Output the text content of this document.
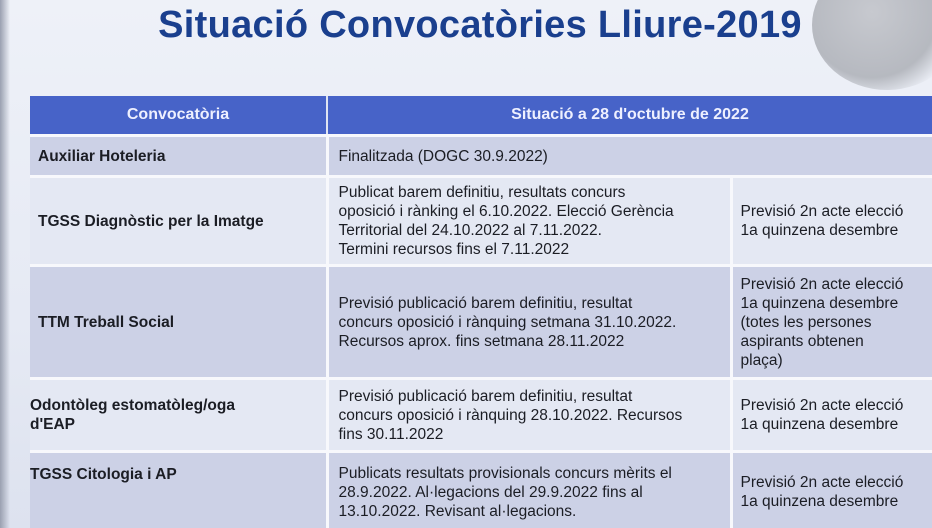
Situació Convocatòries Lliure-2019
Convocatòria	Situació a 28 d'octubre de 2022	

Auxiliar Hoteleria	Finalitzada (DOGC 30.9.2022)	

TGSS Diagnòstic per la Imatge	Publicat barem definitiu, resultats concurs
oposició i rànking el 6.10.2022. Elecció Gerència
Territorial del 24.10.2022 al 7.11.2022.
Termini recursos fins el 7.11.2022	Previsió 2n acte elecció
1a quinzena desembre

TTM Treball Social	Previsió publicació barem definitiu, resultat
concurs oposició i rànquing setmana 31.10.2022.
Recursos aprox. fins setmana 28.11.2022	Previsió 2n acte elecció
1a quinzena desembre
(totes les persones
aspirants obtenen
plaça)

Odontòleg estomatòleg/oga
d'EAP	Previsió publicació barem definitiu, resultat
concurs oposició i rànquing 28.10.2022. Recursos
fins 30.11.2022	Previsió 2n acte elecció
1a quinzena desembre

TGSS Citologia i AP	Publicats resultats provisionals concurs mèrits el
28.9.2022. Al·legacions del 29.9.2022 fins al
13.10.2022. Revisant al·legacions.	Previsió 2n acte elecció
1a quinzena desembre
